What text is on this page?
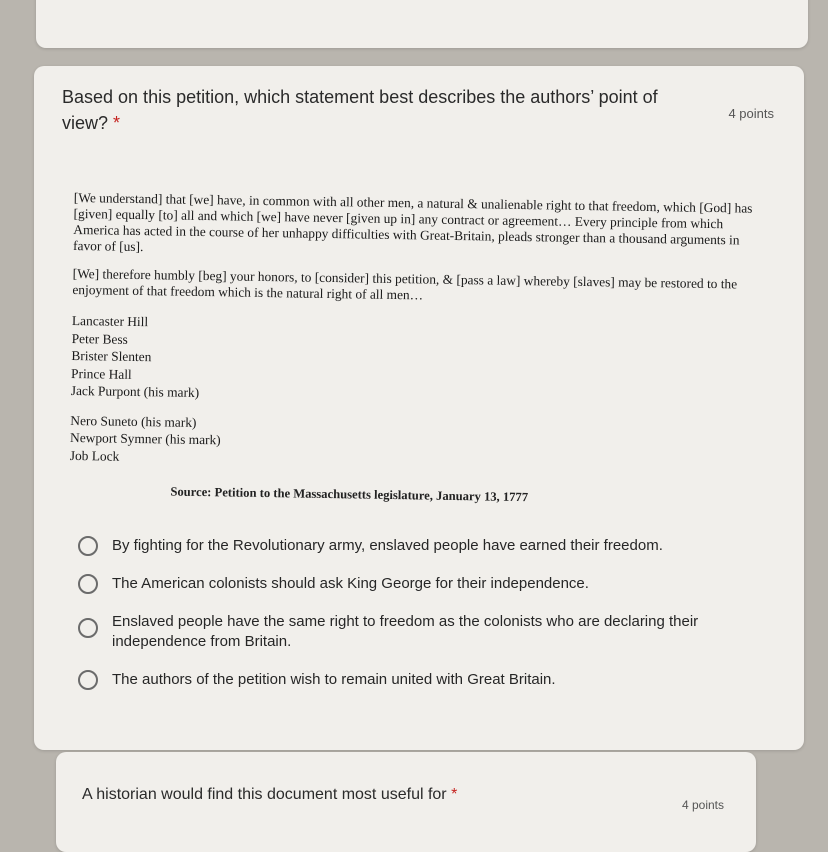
Based on this petition, which statement best describes the authors’ point of view? *	4 points

[We understand] that [we] have, in common with all other men, a natural & unalienable right to that freedom, which [God] has [given] equally [to] all and which [we] have never [given up in] any contract or agreement… Every principle from which America has acted in the course of her unhappy difficulties with Great-Britain, pleads stronger than a thousand arguments in favor of [us].

[We] therefore humbly [beg] your honors, to [consider] this petition, & [pass a law] whereby [slaves] may be restored to the enjoyment of that freedom which is the natural right of all men…

Lancaster Hill
Peter Bess
Brister Slenten
Prince Hall
Jack Purpont (his mark)
Nero Suneto (his mark)
Newport Symner (his mark)
Job Lock
Source: Petition to the Massachusetts legislature, January 13, 1777
By fighting for the Revolutionary army, enslaved people have earned their freedom.
The American colonists should ask King George for their independence.
Enslaved people have the same right to freedom as the colonists who are declaring their independence from Britain.
The authors of the petition wish to remain united with Great Britain.
A historian would find this document most useful for *
4 points
